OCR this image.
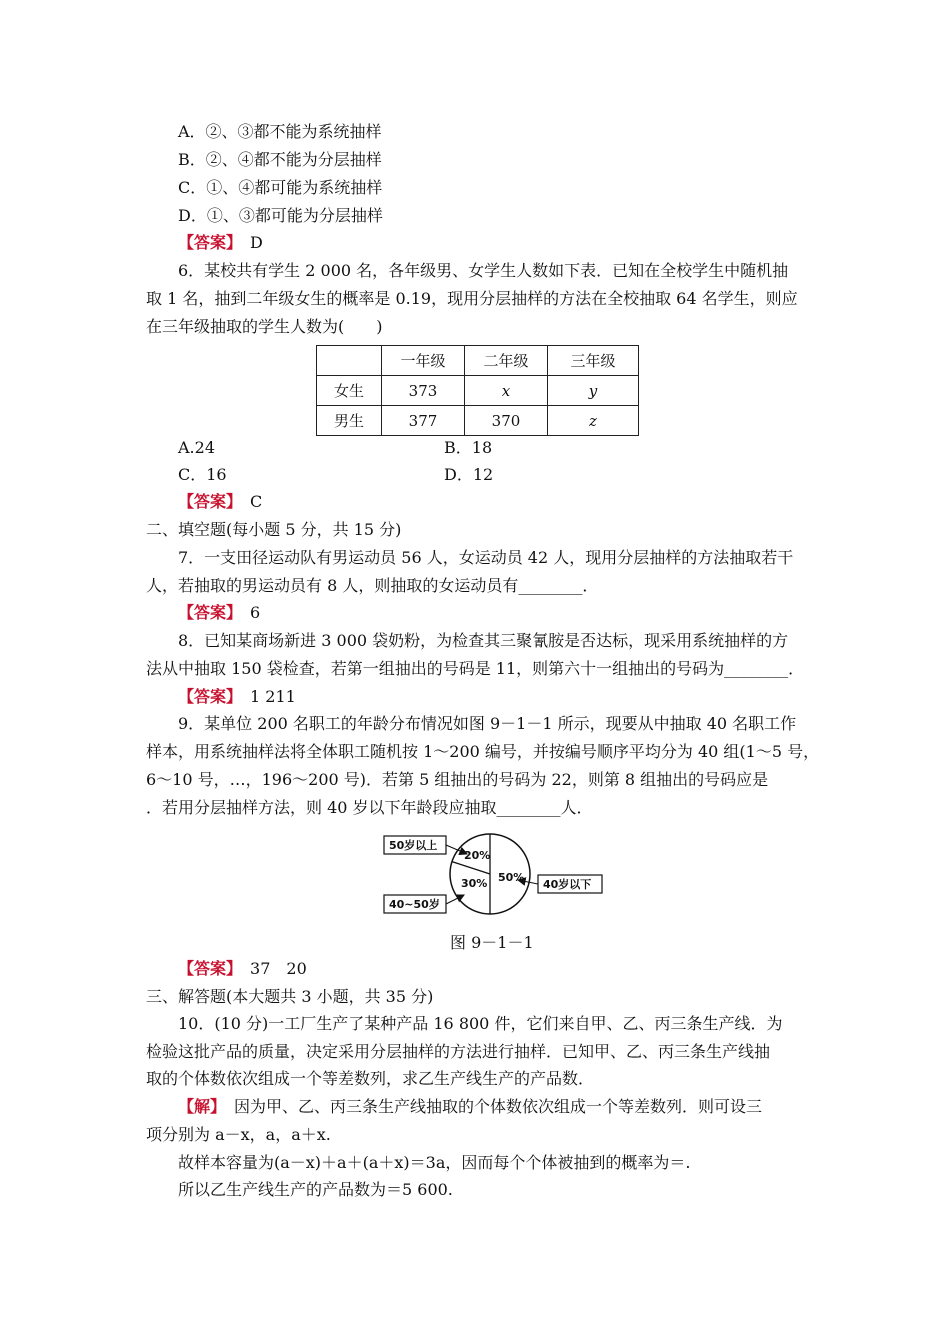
A．②、③都不能为系统抽样
B．②、④都不能为分层抽样
C．①、④都可能为系统抽样
D．①、③都可能为分层抽样
【答案】　 D
6．某校共有学生 2 000 名，各年级男、女学生人数如下表．已知在全校学生中随机抽
取 1 名，抽到二年级女生的概率是 0.19，现用分层抽样的方法在全校抽取 64 名学生，则应
在三年级抽取的学生人数为(　　)
	一年级	二年级	三年级
女生	373	x	y
男生	377	370	z
A.24	B．18
C．16	D．12
【答案】　 C
二、填空题(每小题 5 分，共 15 分)
7．一支田径运动队有男运动员 56 人，女运动员 42 人，现用分层抽样的方法抽取若干
人，若抽取的男运动员有 8 人，则抽取的女运动员有________．
【答案】　 6
8．已知某商场新进 3 000 袋奶粉，为检查其三聚氰胺是否达标，现采用系统抽样的方
法从中抽取 150 袋检查，若第一组抽出的号码是 11，则第六十一组抽出的号码为________．
【答案】　 1 211
9．某单位 200 名职工的年龄分布情况如图 9－1－1 所示，现要从中抽取 40 名职工作
样本，用系统抽样法将全体职工随机按 1～200 编号，并按编号顺序平均分为 40 组(1～5 号，
6～10 号，…，196～200 号)．若第 5 组抽出的号码为 22，则第 8 组抽出的号码应是
．若用分层抽样方法，则 40 岁以下年龄段应抽取________人．
20%
30% 50%
50岁以上
40~50岁
40岁以下
图 9－1－1
【答案】　 37　20
三、解答题(本大题共 3 小题，共 35 分)
10．(10 分)一工厂生产了某种产品 16 800 件，它们来自甲、乙、丙三条生产线．为
检验这批产品的质量，决定采用分层抽样的方法进行抽样．已知甲、乙、丙三条生产线抽
取的个体数依次组成一个等差数列，求乙生产线生产的产品数．
【解】　因为甲、乙、丙三条生产线抽取的个体数依次组成一个等差数列．则可设三
项分别为 a－x，a，a＋x.
故样本容量为(a－x)＋a＋(a＋x)＝3a，因而每个个体被抽到的概率为＝.
所以乙生产线生产的产品数为＝5 600.
